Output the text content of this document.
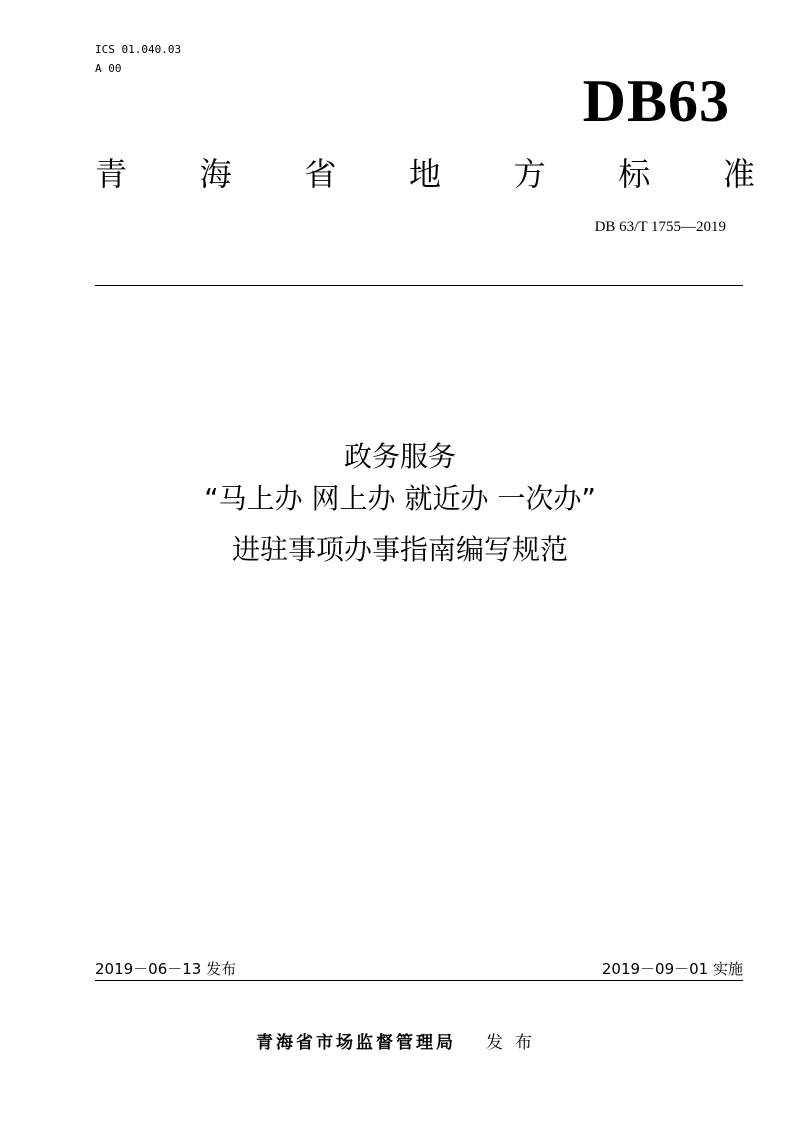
ICS 01.040.03
A 00	DB63
青 海 省 地 方 标 准
DB 63/T 1755—2019
政务服务
“马上办 网上办 就近办 一次办”
进驻事项办事指南编写规范
2019－06－13 发布	2019－09－01 实施
青海省市场监督管理局 发布
